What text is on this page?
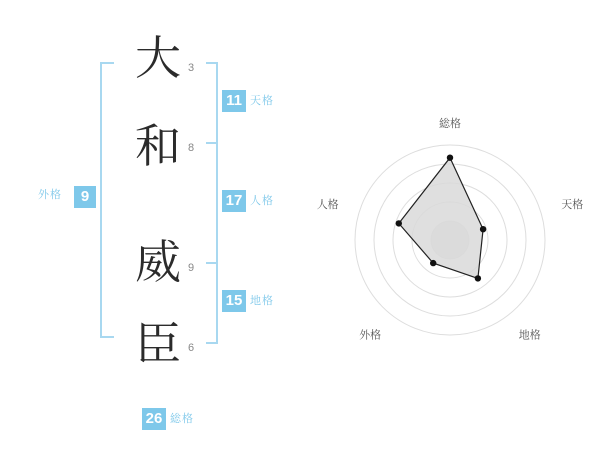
外格	9
大
和
威
臣
3
8
9
6
11 天格
17 人格
15 地格
26 総格
総格
天格
地格
外格
人格
